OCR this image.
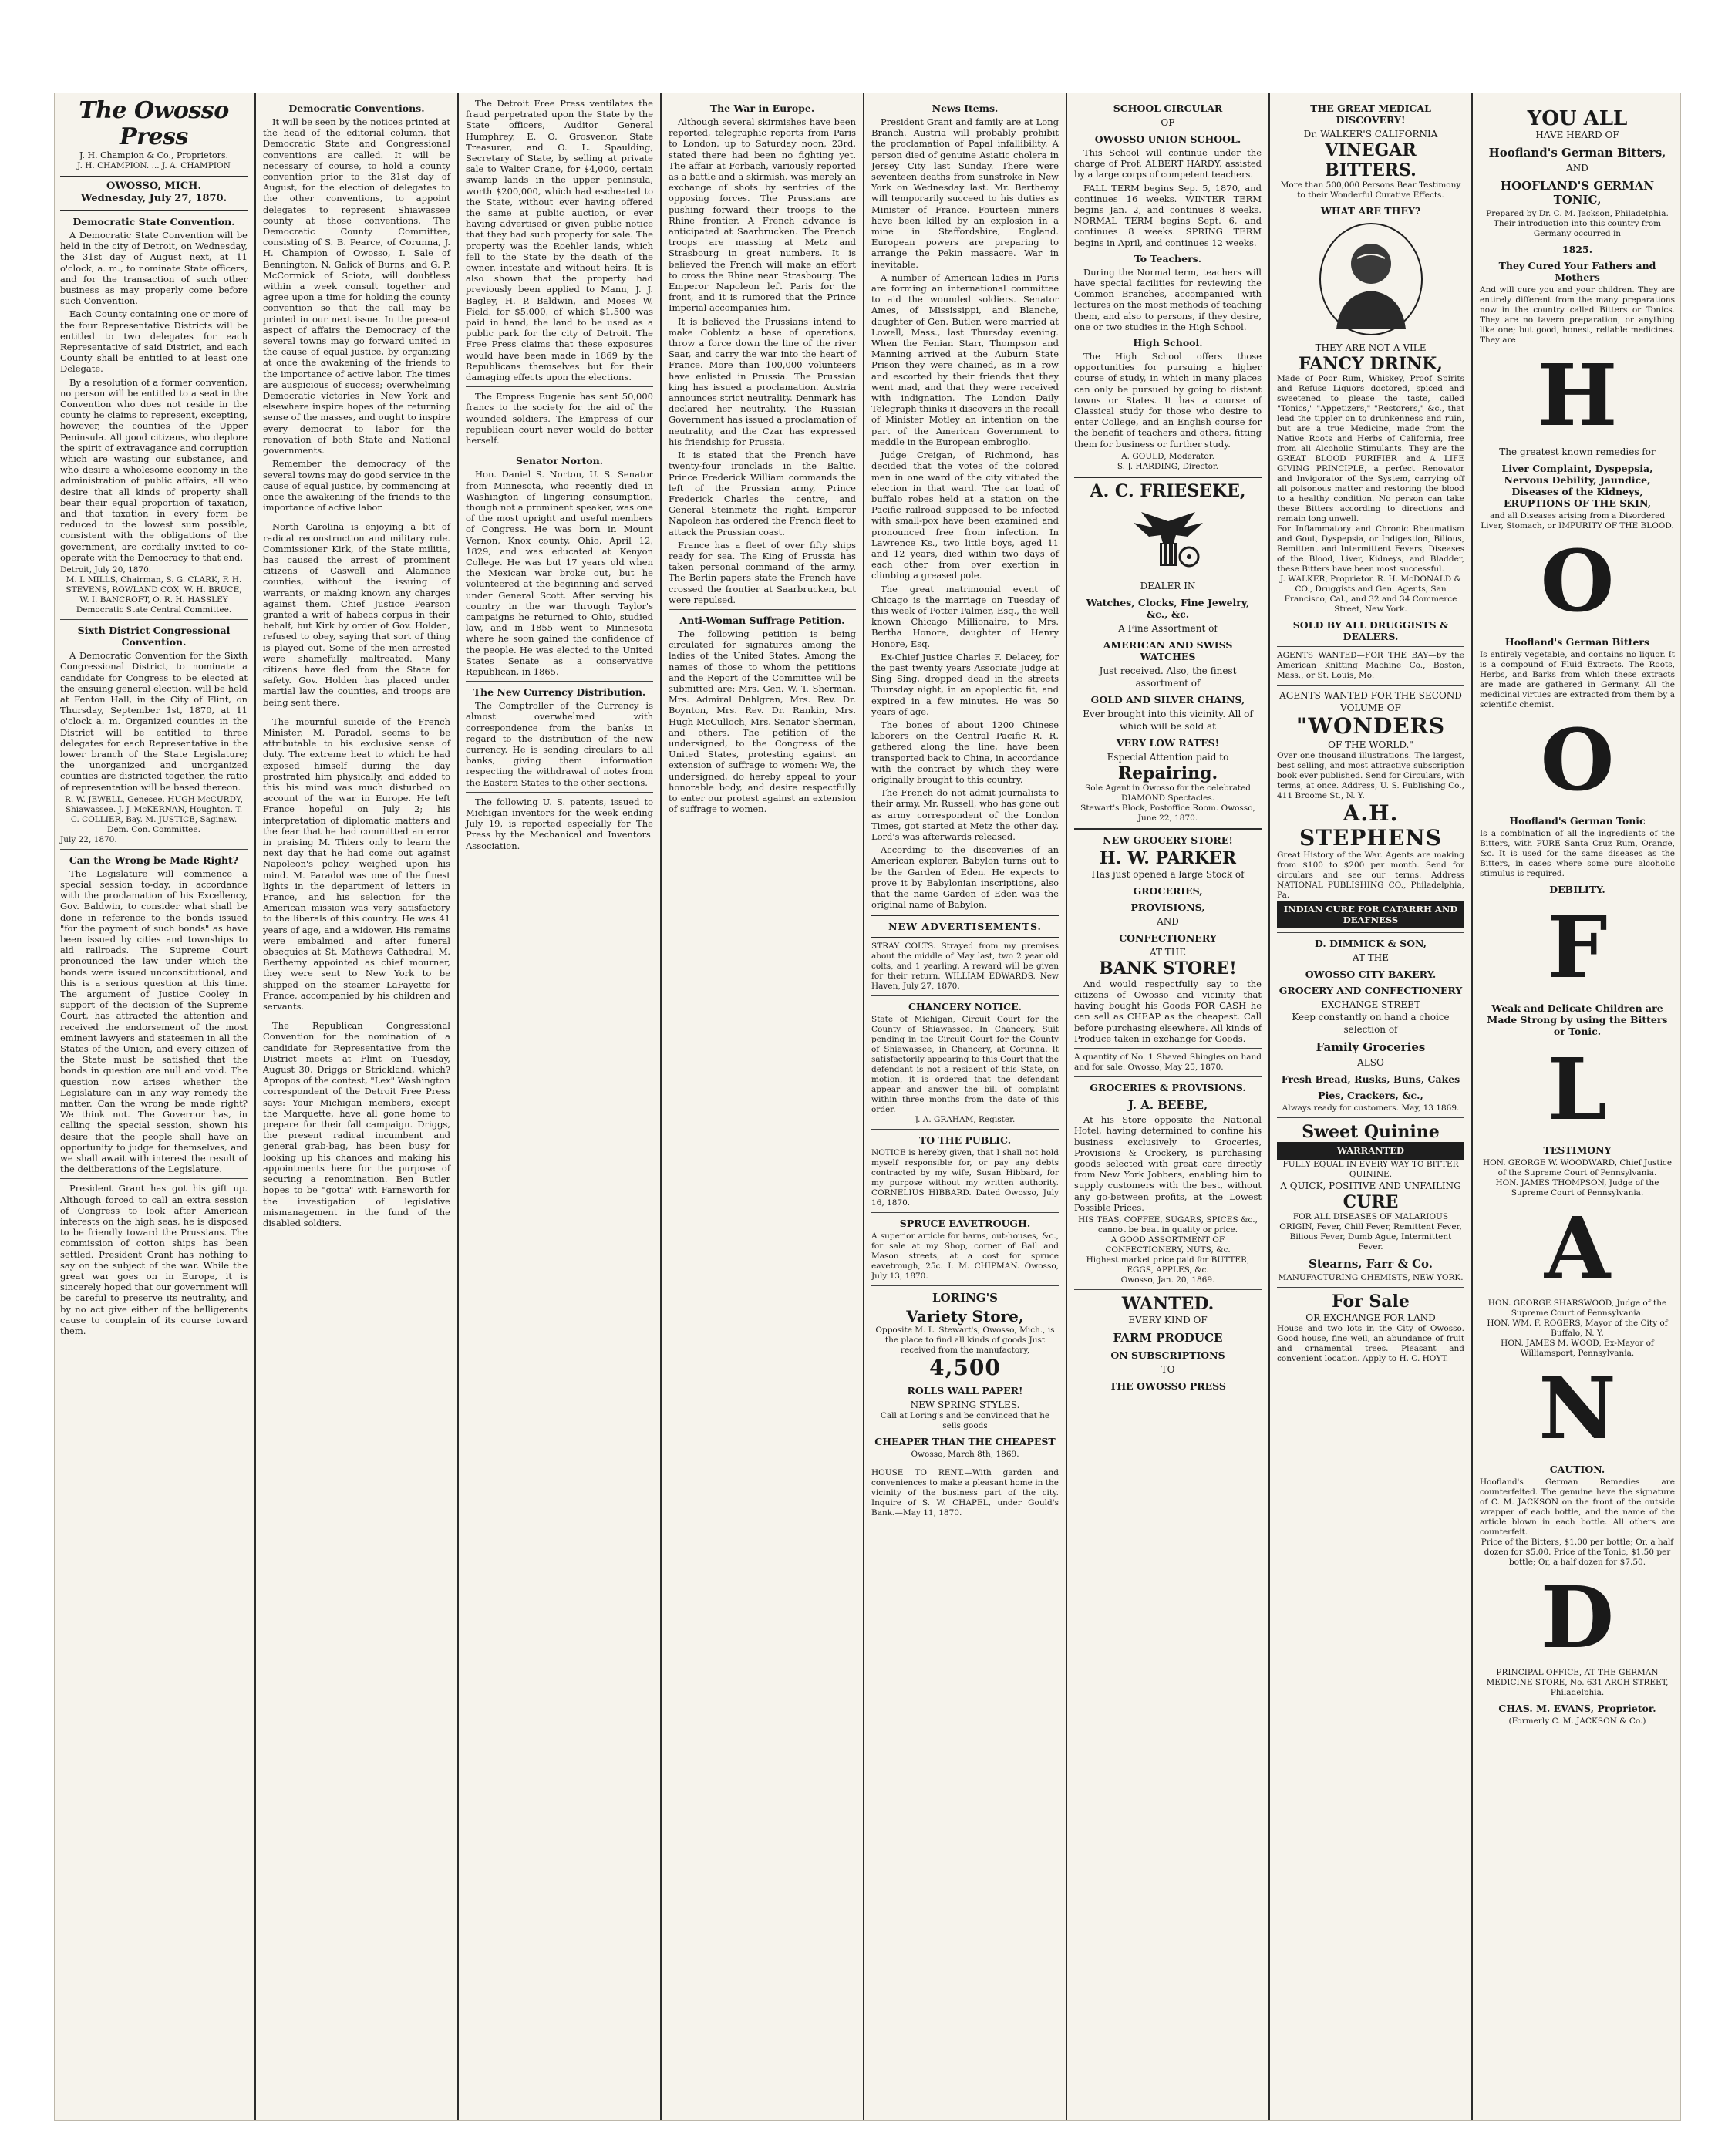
The Owosso Press
J. H. Champion & Co., Proprietors.
J. H. CHAMPION. ... J. A. CHAMPION
OWOSSO, MICH.
Wednesday, July 27, 1870.
Democratic State Convention.

A Democratic State Convention will be held in the city of Detroit, on Wednesday, the 31st day of August next, at 11 o'clock, a. m., to nominate State officers, and for the transaction of such other business as may properly come before such Convention.

Each County containing one or more of the four Representative Districts will be entitled to two delegates for each Representative of said District, and each County shall be entitled to at least one Delegate.

By a resolution of a former convention, no person will be entitled to a seat in the Convention who does not reside in the county he claims to represent, excepting, however, the counties of the Upper Peninsula. All good citizens, who deplore the spirit of extravagance and corruption which are wasting our substance, and who desire a wholesome economy in the administration of public affairs, all who desire that all kinds of property shall bear their equal proportion of taxation, and that taxation in every form be reduced to the lowest sum possible, consistent with the obligations of the government, are cordially invited to co-operate with the Democracy to that end.

Detroit, July 20, 1870.

M. I. MILLS, Chairman, S. G. CLARK, F. H. STEVENS, ROWLAND COX, W. H. BRUCE, W. I. BANCROFT, O. R. H. HASSLEY

Democratic State Central Committee.

Sixth District Congressional Convention.

A Democratic Convention for the Sixth Congressional District, to nominate a candidate for Congress to be elected at the ensuing general election, will be held at Fenton Hall, in the City of Flint, on Thursday, September 1st, 1870, at 11 o'clock a. m. Organized counties in the District will be entitled to three delegates for each Representative in the lower branch of the State Legislature; the unorganized and unorganized counties are districted together, the ratio of representation will be based thereon.

R. W. JEWELL, Genesee. HUGH McCURDY, Shiawassee. J. J. McKERNAN, Houghton. T. C. COLLIER, Bay. M. JUSTICE, Saginaw. Dem. Con. Committee.

July 22, 1870.

Can the Wrong be Made Right?

The Legislature will commence a special session to-day, in accordance with the proclamation of his Excellency, Gov. Baldwin, to consider what shall be done in reference to the bonds issued "for the payment of such bonds" as have been issued by cities and townships to aid railroads. The Supreme Court pronounced the law under which the bonds were issued unconstitutional, and this is a serious question at this time. The argument of Justice Cooley in support of the decision of the Supreme Court, has attracted the attention and received the endorsement of the most eminent lawyers and statesmen in all the States of the Union, and every citizen of the State must be satisfied that the bonds in question are null and void. The question now arises whether the Legislature can in any way remedy the matter. Can the wrong be made right? We think not. The Governor has, in calling the special session, shown his desire that the people shall have an opportunity to judge for themselves, and we shall await with interest the result of the deliberations of the Legislature.

President Grant has got his gift up. Although forced to call an extra session of Congress to look after American interests on the high seas, he is disposed to be friendly toward the Prussians. The commission of cotton ships has been settled. President Grant has nothing to say on the subject of the war. While the great war goes on in Europe, it is sincerely hoped that our government will be careful to preserve its neutrality, and by no act give either of the belligerents cause to complain of its course toward them.

Democratic Conventions.

It will be seen by the notices printed at the head of the editorial column, that Democratic State and Congressional conventions are called. It will be necessary of course, to hold a county convention prior to the 31st day of August, for the election of delegates to the other conventions, to appoint delegates to represent Shiawassee county at those conventions. The Democratic County Committee, consisting of S. B. Pearce, of Corunna, J. H. Champion of Owosso, I. Sale of Bennington, N. Galick of Burns, and G. P. McCormick of Sciota, will doubtless within a week consult together and agree upon a time for holding the county convention so that the call may be printed in our next issue. In the present aspect of affairs the Democracy of the several towns may go forward united in the cause of equal justice, by organizing at once the awakening of the friends to the importance of active labor. The times are auspicious of success; overwhelming Democratic victories in New York and elsewhere inspire hopes of the returning sense of the masses, and ought to inspire every democrat to labor for the renovation of both State and National governments.

Remember the democracy of the several towns may do good service in the cause of equal justice, by commencing at once the awakening of the friends to the importance of active labor.

North Carolina is enjoying a bit of radical reconstruction and military rule. Commissioner Kirk, of the State militia, has caused the arrest of prominent citizens of Caswell and Alamance counties, without the issuing of warrants, or making known any charges against them. Chief Justice Pearson granted a writ of habeas corpus in their behalf, but Kirk by order of Gov. Holden, refused to obey, saying that sort of thing is played out. Some of the men arrested were shamefully maltreated. Many citizens have fled from the State for safety. Gov. Holden has placed under martial law the counties, and troops are being sent there.

The mournful suicide of the French Minister, M. Paradol, seems to be attributable to his exclusive sense of duty. The extreme heat to which he had exposed himself during the day prostrated him physically, and added to this his mind was much disturbed on account of the war in Europe. He left France hopeful on July 2; his interpretation of diplomatic matters and the fear that he had committed an error in praising M. Thiers only to learn the next day that he had come out against Napoleon's policy, weighed upon his mind. M. Paradol was one of the finest lights in the department of letters in France, and his selection for the American mission was very satisfactory to the liberals of this country. He was 41 years of age, and a widower. His remains were embalmed and after funeral obsequies at St. Mathews Cathedral, M. Berthemy appointed as chief mourner, they were sent to New York to be shipped on the steamer LaFayette for France, accompanied by his children and servants.

The Republican Congressional Convention for the nomination of a candidate for Representative from the District meets at Flint on Tuesday, August 30. Driggs or Strickland, which? Apropos of the contest, "Lex" Washington correspondent of the Detroit Free Press says: Your Michigan members, except the Marquette, have all gone home to prepare for their fall campaign. Driggs, the present radical incumbent and general grab-bag, has been busy for looking up his chances and making his appointments here for the purpose of securing a renomination. Ben Butler hopes to be "gotta" with Farnsworth for the investigation of legislative mismanagement in the fund of the disabled soldiers.

The Detroit Free Press ventilates the fraud perpetrated upon the State by the State officers, Auditor General Humphrey, E. O. Grosvenor, State Treasurer, and O. L. Spaulding, Secretary of State, by selling at private sale to Walter Crane, for $4,000, certain swamp lands in the upper peninsula, worth $200,000, which had escheated to the State, without ever having offered the same at public auction, or ever having advertised or given public notice that they had such property for sale. The property was the Roehler lands, which fell to the State by the death of the owner, intestate and without heirs. It is also shown that the property had previously been applied to Mann, J. J. Bagley, H. P. Baldwin, and Moses W. Field, for $5,000, of which $1,500 was paid in hand, the land to be used as a public park for the city of Detroit. The Free Press claims that these exposures would have been made in 1869 by the Republicans themselves but for their damaging effects upon the elections.

The Empress Eugenie has sent 50,000 francs to the society for the aid of the wounded soldiers. The Empress of our republican court never would do better herself.

Senator Norton.

Hon. Daniel S. Norton, U. S. Senator from Minnesota, who recently died in Washington of lingering consumption, though not a prominent speaker, was one of the most upright and useful members of Congress. He was born in Mount Vernon, Knox county, Ohio, April 12, 1829, and was educated at Kenyon College. He was but 17 years old when the Mexican war broke out, but he volunteered at the beginning and served under General Scott. After serving his country in the war through Taylor's campaigns he returned to Ohio, studied law, and in 1855 went to Minnesota where he soon gained the confidence of the people. He was elected to the United States Senate as a conservative Republican, in 1865.

The New Currency Distribution.

The Comptroller of the Currency is almost overwhelmed with correspondence from the banks in regard to the distribution of the new currency. He is sending circulars to all banks, giving them information respecting the withdrawal of notes from the Eastern States to the other sections.

The following U. S. patents, issued to Michigan inventors for the week ending July 19, is reported especially for The Press by the Mechanical and Inventors' Association.

The War in Europe.

Although several skirmishes have been reported, telegraphic reports from Paris to London, up to Saturday noon, 23rd, stated there had been no fighting yet. The affair at Forbach, variously reported as a battle and a skirmish, was merely an exchange of shots by sentries of the opposing forces. The Prussians are pushing forward their troops to the Rhine frontier. A French advance is anticipated at Saarbrucken. The French troops are massing at Metz and Strasbourg in great numbers. It is believed the French will make an effort to cross the Rhine near Strasbourg. The Emperor Napoleon left Paris for the front, and it is rumored that the Prince Imperial accompanies him.

It is believed the Prussians intend to make Coblentz a base of operations, throw a force down the line of the river Saar, and carry the war into the heart of France. More than 100,000 volunteers have enlisted in Prussia. The Prussian king has issued a proclamation. Austria announces strict neutrality. Denmark has declared her neutrality. The Russian Government has issued a proclamation of neutrality, and the Czar has expressed his friendship for Prussia.

It is stated that the French have twenty-four ironclads in the Baltic. Prince Frederick William commands the left of the Prussian army, Prince Frederick Charles the centre, and General Steinmetz the right. Emperor Napoleon has ordered the French fleet to attack the Prussian coast.

France has a fleet of over fifty ships ready for sea. The King of Prussia has taken personal command of the army. The Berlin papers state the French have crossed the frontier at Saarbrucken, but were repulsed.

Anti-Woman Suffrage Petition.

The following petition is being circulated for signatures among the ladies of the United States. Among the names of those to whom the petitions and the Report of the Committee will be submitted are: Mrs. Gen. W. T. Sherman, Mrs. Admiral Dahlgren, Mrs. Rev. Dr. Boynton, Mrs. Rev. Dr. Rankin, Mrs. Hugh McCulloch, Mrs. Senator Sherman, and others. The petition of the undersigned, to the Congress of the United States, protesting against an extension of suffrage to women: We, the undersigned, do hereby appeal to your honorable body, and desire respectfully to enter our protest against an extension of suffrage to women.

News Items.

President Grant and family are at Long Branch. Austria will probably prohibit the proclamation of Papal infallibility. A person died of genuine Asiatic cholera in Jersey City last Sunday. There were seventeen deaths from sunstroke in New York on Wednesday last. Mr. Berthemy will temporarily succeed to his duties as Minister of France. Fourteen miners have been killed by an explosion in a mine in Staffordshire, England. European powers are preparing to arrange the Pekin massacre. War in inevitable.

A number of American ladies in Paris are forming an international committee to aid the wounded soldiers. Senator Ames, of Mississippi, and Blanche, daughter of Gen. Butler, were married at Lowell, Mass., last Thursday evening. When the Fenian Starr, Thompson and Manning arrived at the Auburn State Prison they were chained, as in a row and escorted by their friends that they went mad, and that they were received with indignation. The London Daily Telegraph thinks it discovers in the recall of Minister Motley an intention on the part of the American Government to meddle in the European embroglio.

Judge Creigan, of Richmond, has decided that the votes of the colored men in one ward of the city vitiated the election in that ward. The car load of buffalo robes held at a station on the Pacific railroad supposed to be infected with small-pox have been examined and pronounced free from infection. In Lawrence Ks., two little boys, aged 11 and 12 years, died within two days of each other from over exertion in climbing a greased pole.

The great matrimonial event of Chicago is the marriage on Tuesday of this week of Potter Palmer, Esq., the well known Chicago Millionaire, to Mrs. Bertha Honore, daughter of Henry Honore, Esq.

Ex-Chief Justice Charles F. Delacey, for the past twenty years Associate Judge at Sing Sing, dropped dead in the streets Thursday night, in an apoplectic fit, and expired in a few minutes. He was 50 years of age.

The bones of about 1200 Chinese laborers on the Central Pacific R. R. gathered along the line, have been transported back to China, in accordance with the contract by which they were originally brought to this country.

The French do not admit journalists to their army. Mr. Russell, who has gone out as army correspondent of the London Times, got started at Metz the other day. Lord's was afterwards released.

According to the discoveries of an American explorer, Babylon turns out to be the Garden of Eden. He expects to prove it by Babylonian inscriptions, also that the name Garden of Eden was the original name of Babylon.

NEW ADVERTISEMENTS.

STRAY COLTS. Strayed from my premises about the middle of May last, two 2 year old colts, and 1 yearling. A reward will be given for their return. WILLIAM EDWARDS. New Haven, July 27, 1870.

CHANCERY NOTICE.

State of Michigan, Circuit Court for the County of Shiawassee. In Chancery. Suit pending in the Circuit Court for the County of Shiawassee, in Chancery, at Corunna. It satisfactorily appearing to this Court that the defendant is not a resident of this State, on motion, it is ordered that the defendant appear and answer the bill of complaint within three months from the date of this order.

J. A. GRAHAM, Register.

TO THE PUBLIC.

NOTICE is hereby given, that I shall not hold myself responsible for, or pay any debts contracted by my wife, Susan Hibbard, for my purpose without my written authority. CORNELIUS HIBBARD. Dated Owosso, July 16, 1870.

SPRUCE EAVETROUGH.

A superior article for barns, out-houses, &c., for sale at my Shop, corner of Ball and Mason streets, at a cost for spruce eavetrough, 25c. I. M. CHIPMAN. Owosso, July 13, 1870.

LORING'S
Variety Store,

Opposite M. L. Stewart's, Owosso, Mich., is the place to find all kinds of goods Just received from the manufactory,

4,500
ROLLS WALL PAPER!
NEW SPRING STYLES.

Call at Loring's and be convinced that he sells goods

CHEAPER THAN THE CHEAPEST

Owosso, March 8th, 1869.

HOUSE TO RENT.—With garden and conveniences to make a pleasant home in the vicinity of the business part of the city. Inquire of S. W. CHAPEL, under Gould's Bank.—May 11, 1870.

SCHOOL CIRCULAR
OF
OWOSSO UNION SCHOOL.

This School will continue under the charge of Prof. ALBERT HARDY, assisted by a large corps of competent teachers.

FALL TERM begins Sep. 5, 1870, and continues 16 weeks. WINTER TERM begins Jan. 2, and continues 8 weeks. NORMAL TERM begins Sept. 6, and continues 8 weeks. SPRING TERM begins in April, and continues 12 weeks.

To Teachers.

During the Normal term, teachers will have special facilities for reviewing the Common Branches, accompanied with lectures on the most methods of teaching them, and also to persons, if they desire, one or two studies in the High School.

High School.

The High School offers those opportunities for pursuing a higher course of study, in which in many places can only be pursued by going to distant towns or States. It has a course of Classical study for those who desire to enter College, and an English course for the benefit of teachers and others, fitting them for business or further study.

A. GOULD, Moderator.

S. J. HARDING, Director.

A. C. FRIESEKE,
DEALER IN
Watches, Clocks, Fine Jewelry, &c., &c.
A Fine Assortment of
AMERICAN AND SWISS WATCHES
Just received. Also, the finest assortment of
GOLD AND SILVER CHAINS,
Ever brought into this vicinity. All of which will be sold at
VERY LOW RATES!
Especial Attention paid to
Repairing.

Sole Agent in Owosso for the celebrated DIAMOND Spectacles.

Stewart's Block, Postoffice Room. Owosso, June 22, 1870.

NEW GROCERY STORE!
H. W. PARKER
Has just opened a large Stock of
GROCERIES,
PROVISIONS,
AND
CONFECTIONERY
AT THE
BANK STORE!

And would respectfully say to the citizens of Owosso and vicinity that having bought his Goods FOR CASH he can sell as CHEAP as the cheapest. Call before purchasing elsewhere. All kinds of Produce taken in exchange for Goods.

A quantity of No. 1 Shaved Shingles on hand and for sale. Owosso, May 25, 1870.

GROCERIES & PROVISIONS.
J. A. BEEBE,

At his Store opposite the National Hotel, having determined to confine his business exclusively to Groceries, Provisions & Crockery, is purchasing goods selected with great care directly from New York Jobbers, enabling him to supply customers with the best, without any go-between profits, at the Lowest Possible Prices.

HIS TEAS, COFFEE, SUGARS, SPICES &c., cannot be beat in quality or price.

A GOOD ASSORTMENT OF CONFECTIONERY, NUTS, &c.

Highest market price paid for BUTTER, EGGS, APPLES, &c.

Owosso, Jan. 20, 1869.

WANTED.
EVERY KIND OF
FARM PRODUCE
ON SUBSCRIPTIONS
TO
THE OWOSSO PRESS
THE GREAT MEDICAL DISCOVERY!
Dr. WALKER'S CALIFORNIA
VINEGAR BITTERS.

More than 500,000 Persons Bear Testimony to their Wonderful Curative Effects.

WHAT ARE THEY?
THEY ARE NOT A VILE
FANCY DRINK,

Made of Poor Rum, Whiskey, Proof Spirits and Refuse Liquors doctored, spiced and sweetened to please the taste, called "Tonics," "Appetizers," "Restorers," &c., that lead the tippler on to drunkenness and ruin, but are a true Medicine, made from the Native Roots and Herbs of California, free from all Alcoholic Stimulants. They are the GREAT BLOOD PURIFIER and A LIFE GIVING PRINCIPLE, a perfect Renovator and Invigorator of the System, carrying off all poisonous matter and restoring the blood to a healthy condition. No person can take these Bitters according to directions and remain long unwell.

For Inflammatory and Chronic Rheumatism and Gout, Dyspepsia, or Indigestion, Bilious, Remittent and Intermittent Fevers, Diseases of the Blood, Liver, Kidneys, and Bladder, these Bitters have been most successful.

J. WALKER, Proprietor. R. H. McDONALD & CO., Druggists and Gen. Agents, San Francisco, Cal., and 32 and 34 Commerce Street, New York.

SOLD BY ALL DRUGGISTS & DEALERS.

AGENTS WANTED—FOR THE BAY—by the American Knitting Machine Co., Boston, Mass., or St. Louis, Mo.

AGENTS WANTED FOR THE SECOND VOLUME OF
"WONDERS
OF THE WORLD."

Over one thousand illustrations. The largest, best selling, and most attractive subscription book ever published. Send for Circulars, with terms, at once. Address, U. S. Publishing Co., 411 Broome St., N. Y.

A.H. STEPHENS

Great History of the War. Agents are making from $100 to $200 per month. Send for circulars and see our terms. Address NATIONAL PUBLISHING CO., Philadelphia, Pa.

INDIAN CURE FOR CATARRH AND DEAFNESS
D. DIMMICK & SON,
AT THE
OWOSSO CITY BAKERY.
GROCERY AND CONFECTIONERY
EXCHANGE STREET
Keep constantly on hand a choice selection of
Family Groceries
ALSO
Fresh Bread, Rusks, Buns, Cakes
Pies, Crackers, &c.,

Always ready for customers. May, 13 1869.

Sweet Quinine
WARRANTED

FULLY EQUAL IN EVERY WAY TO BITTER QUININE.

A QUICK, POSITIVE AND UNFAILING
CURE

FOR ALL DISEASES OF MALARIOUS ORIGIN, Fever, Chill Fever, Remittent Fever, Bilious Fever, Dumb Ague, Intermittent Fever.

Stearns, Farr & Co.

MANUFACTURING CHEMISTS, NEW YORK.

For Sale
OR EXCHANGE FOR LAND

House and two lots in the City of Owosso. Good house, fine well, an abundance of fruit and ornamental trees. Pleasant and convenient location. Apply to H. C. HOYT.

YOU ALL
HAVE HEARD OF
Hoofland's German Bitters,
AND
HOOFLAND'S GERMAN TONIC,

Prepared by Dr. C. M. Jackson, Philadelphia. Their introduction into this country from Germany occurred in

1825.
They Cured Your Fathers and Mothers

And will cure you and your children. They are entirely different from the many preparations now in the country called Bitters or Tonics. They are no tavern preparation, or anything like one; but good, honest, reliable medicines. They are

H
The greatest known remedies for
Liver Complaint, Dyspepsia, Nervous Debility, Jaundice, Diseases of the Kidneys, ERUPTIONS OF THE SKIN,

and all Diseases arising from a Disordered Liver, Stomach, or IMPURITY OF THE BLOOD.

O
Hoofland's German Bitters

Is entirely vegetable, and contains no liquor. It is a compound of Fluid Extracts. The Roots, Herbs, and Barks from which these extracts are made are gathered in Germany. All the medicinal virtues are extracted from them by a scientific chemist.

O
Hoofland's German Tonic

Is a combination of all the ingredients of the Bitters, with PURE Santa Cruz Rum, Orange, &c. It is used for the same diseases as the Bitters, in cases where some pure alcoholic stimulus is required.

DEBILITY.
F
Weak and Delicate Children are Made Strong by using the Bitters or Tonic.
L
TESTIMONY

HON. GEORGE W. WOODWARD, Chief Justice of the Supreme Court of Pennsylvania.

HON. JAMES THOMPSON, Judge of the Supreme Court of Pennsylvania.

A

HON. GEORGE SHARSWOOD, Judge of the Supreme Court of Pennsylvania.

HON. WM. F. ROGERS, Mayor of the City of Buffalo, N. Y.

HON. JAMES M. WOOD, Ex-Mayor of Williamsport, Pennsylvania.

N
CAUTION.

Hoofland's German Remedies are counterfeited. The genuine have the signature of C. M. JACKSON on the front of the outside wrapper of each bottle, and the name of the article blown in each bottle. All others are counterfeit.

Price of the Bitters, $1.00 per bottle; Or, a half dozen for $5.00. Price of the Tonic, $1.50 per bottle; Or, a half dozen for $7.50.

D

PRINCIPAL OFFICE, AT THE GERMAN MEDICINE STORE, No. 631 ARCH STREET, Philadelphia.

CHAS. M. EVANS, Proprietor.

(Formerly C. M. JACKSON & Co.)
